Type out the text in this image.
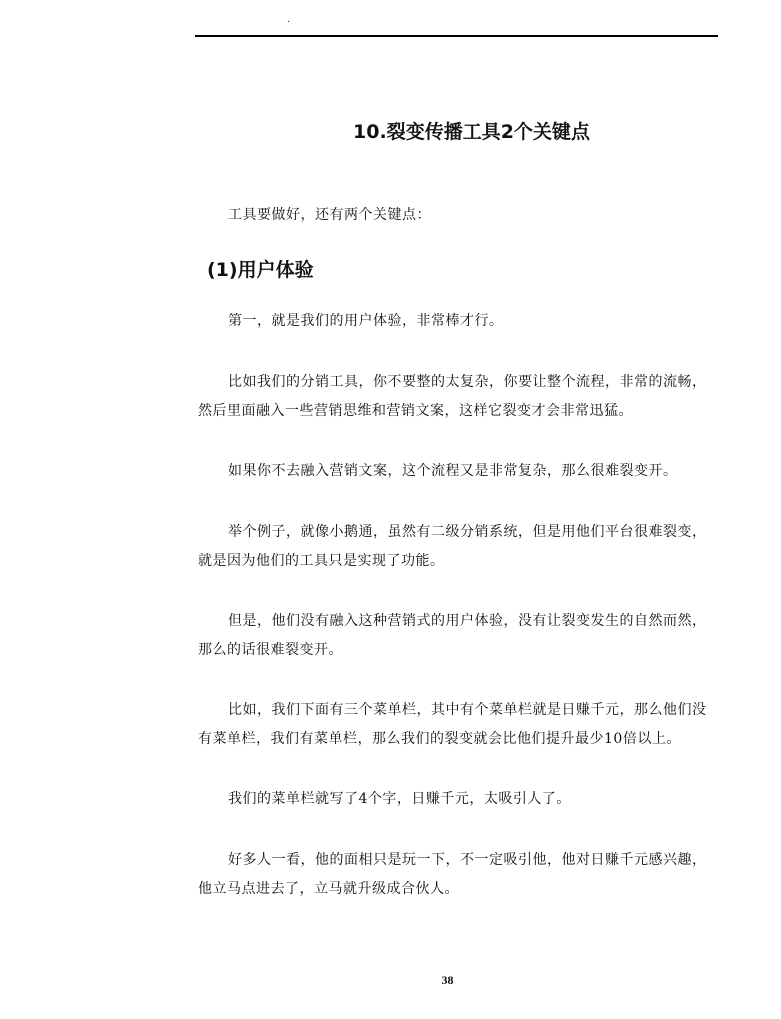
.
10.裂变传播工具2个关键点

工具要做好，还有两个关键点：

(1)用户体验

第一，就是我们的用户体验，非常棒才行。

比如我们的分销工具，你不要整的太复杂，你要让整个流程，非常的流畅，然后里面融入一些营销思维和营销文案，这样它裂变才会非常迅猛。

如果你不去融入营销文案，这个流程又是非常复杂，那么很难裂变开。

举个例子，就像小鹅通，虽然有二级分销系统，但是用他们平台很难裂变，就是因为他们的工具只是实现了功能。

但是，他们没有融入这种营销式的用户体验，没有让裂变发生的自然而然，那么的话很难裂变开。

比如，我们下面有三个菜单栏，其中有个菜单栏就是日赚千元，那么他们没有菜单栏，我们有菜单栏，那么我们的裂变就会比他们提升最少10倍以上。

我们的菜单栏就写了4个字，日赚千元，太吸引人了。

好多人一看，他的面相只是玩一下，不一定吸引他，他对日赚千元感兴趣，他立马点进去了，立马就升级成合伙人。

38
